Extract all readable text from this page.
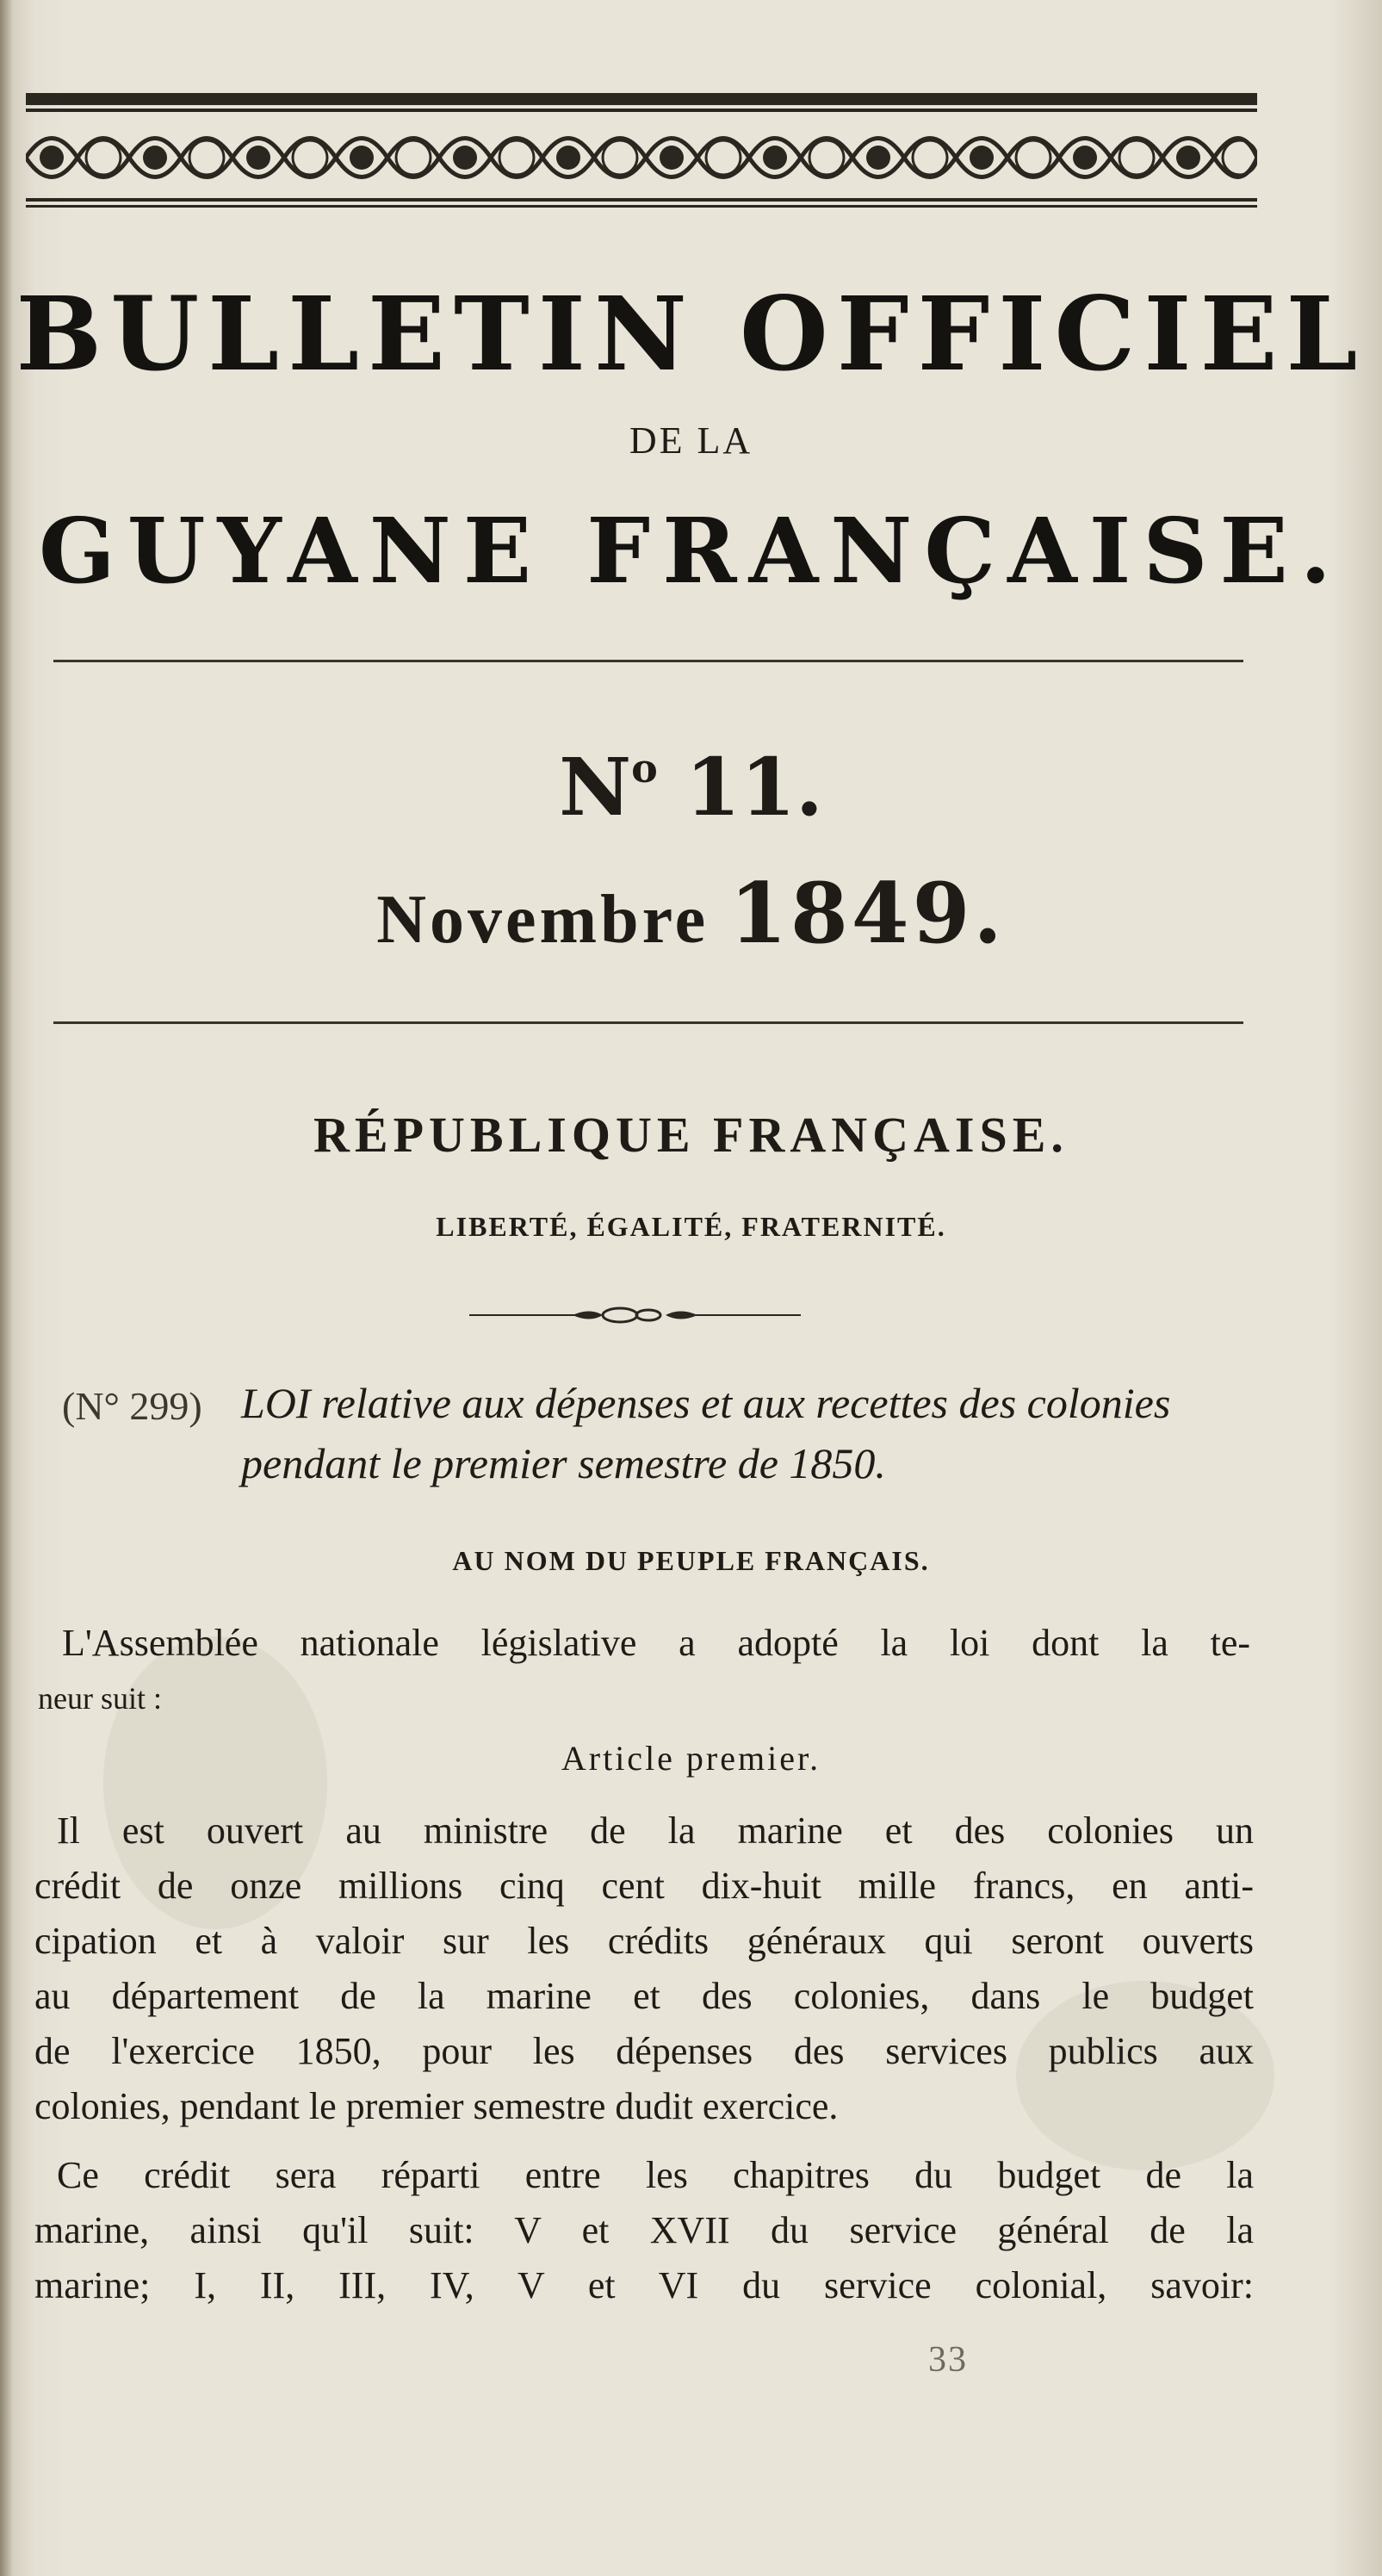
BULLETIN OFFICIEL
DE LA
GUYANE FRANÇAISE.
$N^o$ 11.
Novembre 1849.
RÉPUBLIQUE FRANÇAISE.
LIBERTÉ, ÉGALITÉ, FRATERNITÉ.
(N° 299) LOI relative aux dépenses et aux recettes des colonies
pendant le premier semestre de 1850.
AU NOM DU PEUPLE FRANÇAIS.
L'Assemblée nationale législative a adopté la loi dont la te-
neur suit :
Article premier.
Il est ouvert au ministre de la marine et des colonies un
crédit de onze millions cinq cent dix-huit mille francs, en anti-
cipation et à valoir sur les crédits généraux qui seront ouverts
au département de la marine et des colonies, dans le budget
de l'exercice 1850, pour les dépenses des services publics aux
colonies, pendant le premier semestre dudit exercice.
Ce crédit sera réparti entre les chapitres du budget de la
marine, ainsi qu'il suit: V et XVII du service général de la
marine; I, II, III, IV, V et VI du service colonial, savoir:
33
